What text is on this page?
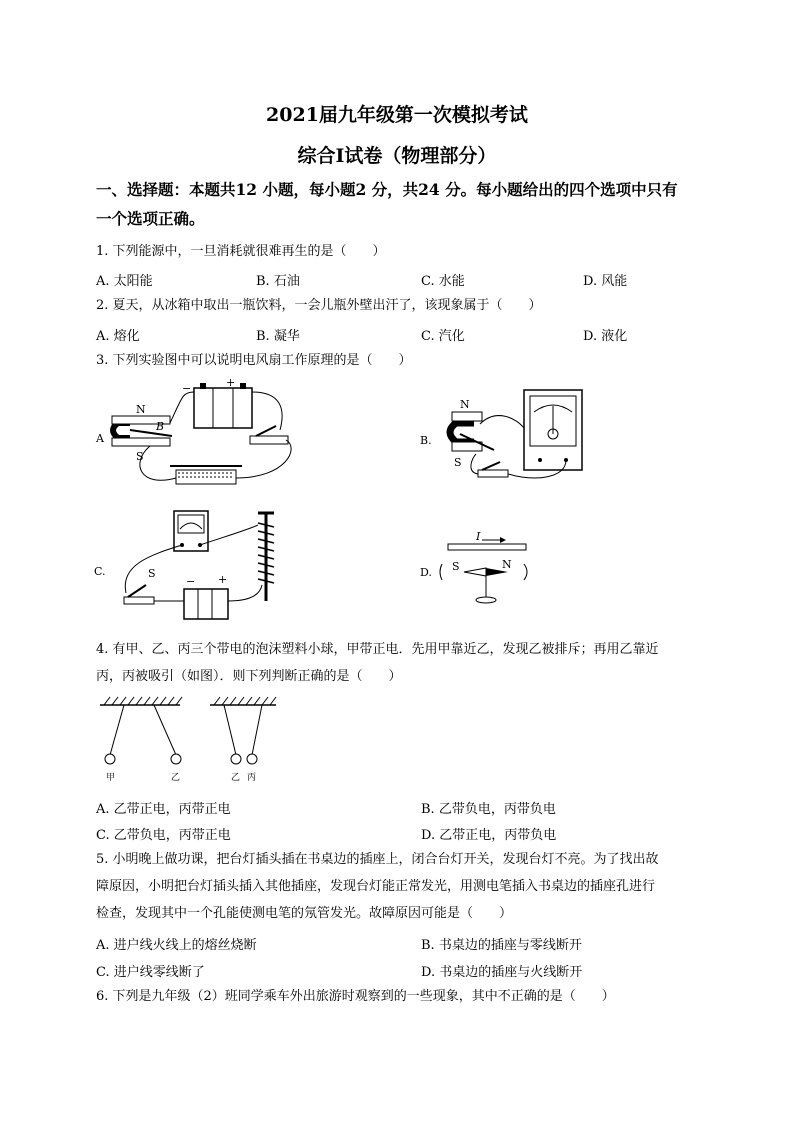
2021届九年级第一次模拟考试
综合I试卷（物理部分）
一、选择题：本题共12 小题，每小题2 分，共24 分。每小题给出的四个选项中只有
一个选项正确。
1. 下列能源中，一旦消耗就很难再生的是（　　）
A. 太阳能	B. 石油	C. 水能	D. 风能
2. 夏天，从冰箱中取出一瓶饮料，一会儿瓶外壁出汗了，该现象属于（　　）
A. 熔化	B. 凝华	C. 汽化	D. 液化
3. 下列实验图中可以说明电风扇工作原理的是（　　）
A
N
S
B
−	+
B.
N
S
C.	S
− +
D.
I
S	N
4. 有甲、乙、丙三个带电的泡沫塑料小球，甲带正电．先用甲靠近乙，发现乙被排斥；再用乙靠近
丙，丙被吸引（如图）．则下列判断正确的是（　　）
甲	乙	乙 丙
A. 乙带正电，丙带正电	B. 乙带负电，丙带负电
C. 乙带负电，丙带正电	D. 乙带正电，丙带负电
5. 小明晚上做功课，把台灯插头插在书桌边的插座上，闭合台灯开关，发现台灯不亮。为了找出故
障原因，小明把台灯插头插入其他插座，发现台灯能正常发光，用测电笔插入书桌边的插座孔进行
检查，发现其中一个孔能使测电笔的氖管发光。故障原因可能是（　　）
A. 进户线火线上的熔丝烧断	B. 书桌边的插座与零线断开
C. 进户线零线断了	D. 书桌边的插座与火线断开
6. 下列是九年级（2）班同学乘车外出旅游时观察到的一些现象，其中不正确的是（　　）
